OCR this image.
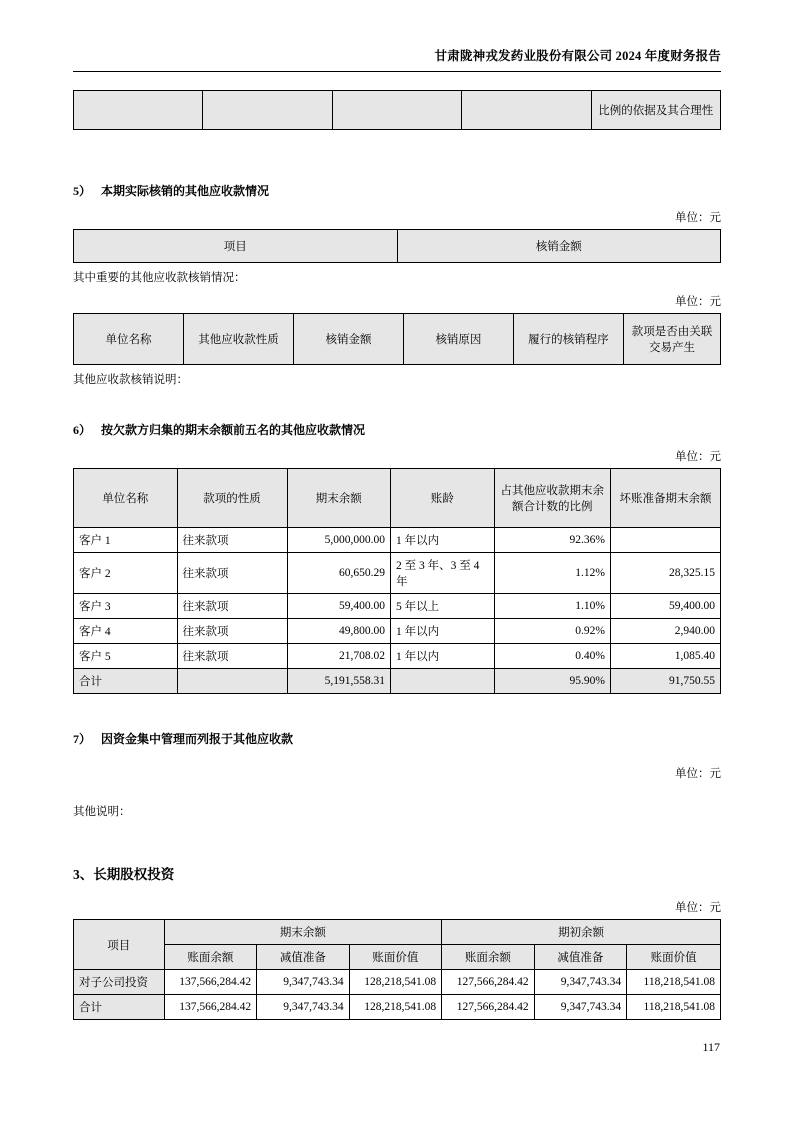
甘肃陇神戎发药业股份有限公司 2024 年度财务报告
				比例的依据及其合理性
5） 本期实际核销的其他应收款情况
单位：元
项目	核销金额
其中重要的其他应收款核销情况：
单位：元
单位名称	其他应收款性质	核销金额	核销原因	履行的核销程序	款项是否由关联交易产生
其他应收款核销说明：
6） 按欠款方归集的期末余额前五名的其他应收款情况
单位：元
单位名称	款项的性质	期末余额	账龄	占其他应收款期末余额合计数的比例	坏账准备期末余额
客户 1	往来款项	5,000,000.00	1 年以内	92.36%	
客户 2	往来款项	60,650.29	2 至 3 年、3 至 4 年	1.12%	28,325.15
客户 3	往来款项	59,400.00	5 年以上	1.10%	59,400.00
客户 4	往来款项	49,800.00	1 年以内	0.92%	2,940.00
客户 5	往来款项	21,708.02	1 年以内	0.40%	1,085.40
合计		5,191,558.31		95.90%	91,750.55
7） 因资金集中管理而列报于其他应收款
单位：元
其他说明：
3、长期股权投资
单位：元
项目	期末余额			期初余额		
	账面余额	减值准备	账面价值	账面余额	减值准备	账面价值
对子公司投资	137,566,284.42	9,347,743.34	128,218,541.08	127,566,284.42	9,347,743.34	118,218,541.08
合计	137,566,284.42	9,347,743.34	128,218,541.08	127,566,284.42	9,347,743.34	118,218,541.08
117
